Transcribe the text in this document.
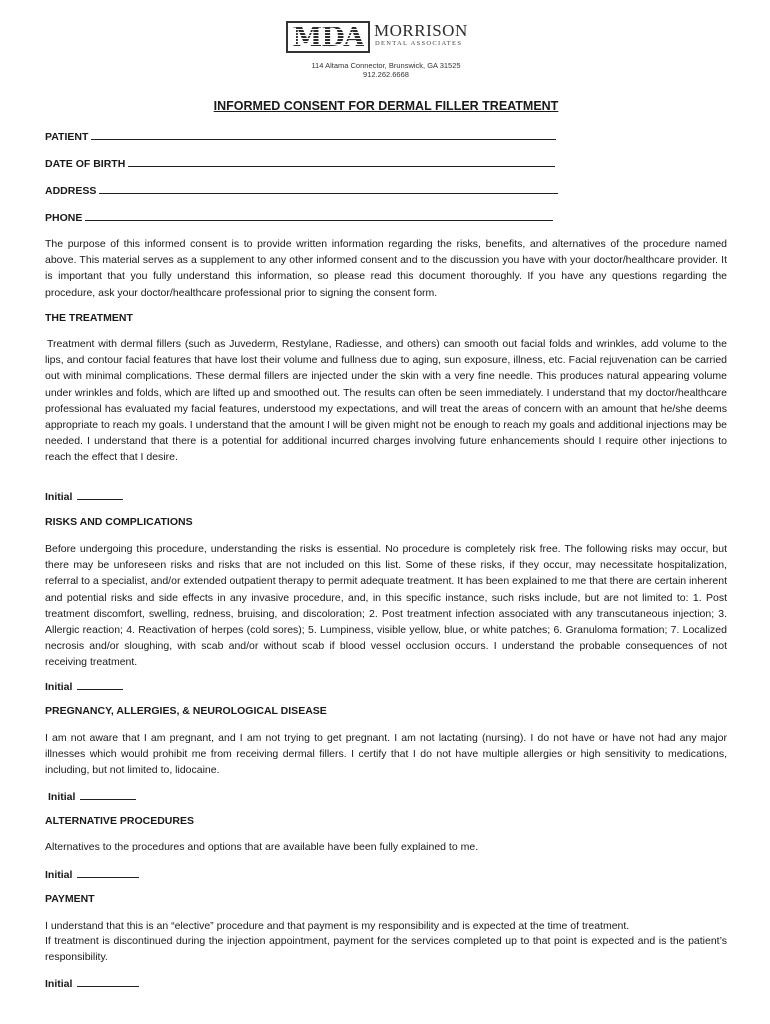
MDA MORRISON
DENTAL ASSOCIATES
114 Altama Connector, Brunswick, GA 31525
912.262.6668
INFORMED CONSENT FOR DERMAL FILLER TREATMENT
PATIENT
DATE OF BIRTH
ADDRESS
PHONE
The purpose of this informed consent is to provide written information regarding the risks, benefits, and alternatives of the procedure named above. This material serves as a supplement to any other informed consent and to the discussion you have with your doctor/healthcare provider. It is important that you fully understand this information, so please read this document thoroughly. If you have any questions regarding the procedure, ask your doctor/healthcare professional prior to signing the consent form.
THE TREATMENT
Treatment with dermal fillers (such as Juvederm, Restylane, Radiesse, and others) can smooth out facial folds and wrinkles, add volume to the lips, and contour facial features that have lost their volume and fullness due to aging, sun exposure, illness, etc. Facial rejuvenation can be carried out with minimal complications. These dermal fillers are injected under the skin with a very fine needle. This produces natural appearing volume under wrinkles and folds, which are lifted up and smoothed out. The results can often be seen immediately. I understand that my doctor/healthcare professional has evaluated my facial features, understood my expectations, and will treat the areas of concern with an amount that he/she deems appropriate to reach my goals. I understand that the amount I will be given might not be enough to reach my goals and additional injections may be needed. I understand that there is a potential for additional incurred charges involving future enhancements should I require other injections to reach the effect that I desire.
Initial
RISKS AND COMPLICATIONS
Before undergoing this procedure, understanding the risks is essential. No procedure is completely risk free. The following risks may occur, but there may be unforeseen risks and risks that are not included on this list. Some of these risks, if they occur, may necessitate hospitalization, referral to a specialist, and/or extended outpatient therapy to permit adequate treatment. It has been explained to me that there are certain inherent and potential risks and side effects in any invasive procedure, and, in this specific instance, such risks include, but are not limited to: 1. Post treatment discomfort, swelling, redness, bruising, and discoloration; 2. Post treatment infection associated with any transcutaneous injection; 3. Allergic reaction; 4. Reactivation of herpes (cold sores); 5. Lumpiness, visible yellow, blue, or white patches; 6. Granuloma formation; 7. Localized necrosis and/or sloughing, with scab and/or without scab if blood vessel occlusion occurs. I understand the probable consequences of not receiving treatment.
Initial
PREGNANCY, ALLERGIES, & NEUROLOGICAL DISEASE
I am not aware that I am pregnant, and I am not trying to get pregnant. I am not lactating (nursing). I do not have or have not had any major illnesses which would prohibit me from receiving dermal fillers. I certify that I do not have multiple allergies or high sensitivity to medications, including, but not limited to, lidocaine.
Initial
ALTERNATIVE PROCEDURES
Alternatives to the procedures and options that are available have been fully explained to me.
Initial
PAYMENT
I understand that this is an “elective” procedure and that payment is my responsibility and is expected at the time of treatment.
If treatment is discontinued during the injection appointment, payment for the services completed up to that point is expected and is the patient’s responsibility.
Initial
